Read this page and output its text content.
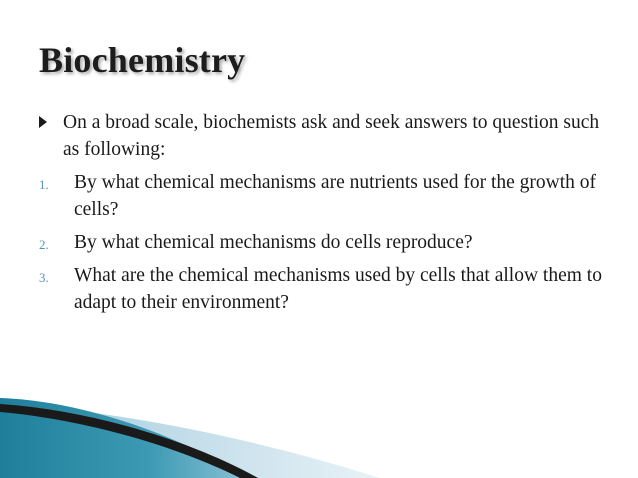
Biochemistry
On a broad scale, biochemists ask and seek answers to question such as following:
1. By what chemical mechanisms are nutrients used for the growth of cells?
2. By what chemical mechanisms do cells reproduce?
3. What are the chemical mechanisms used by cells that allow them to adapt to their environment?
